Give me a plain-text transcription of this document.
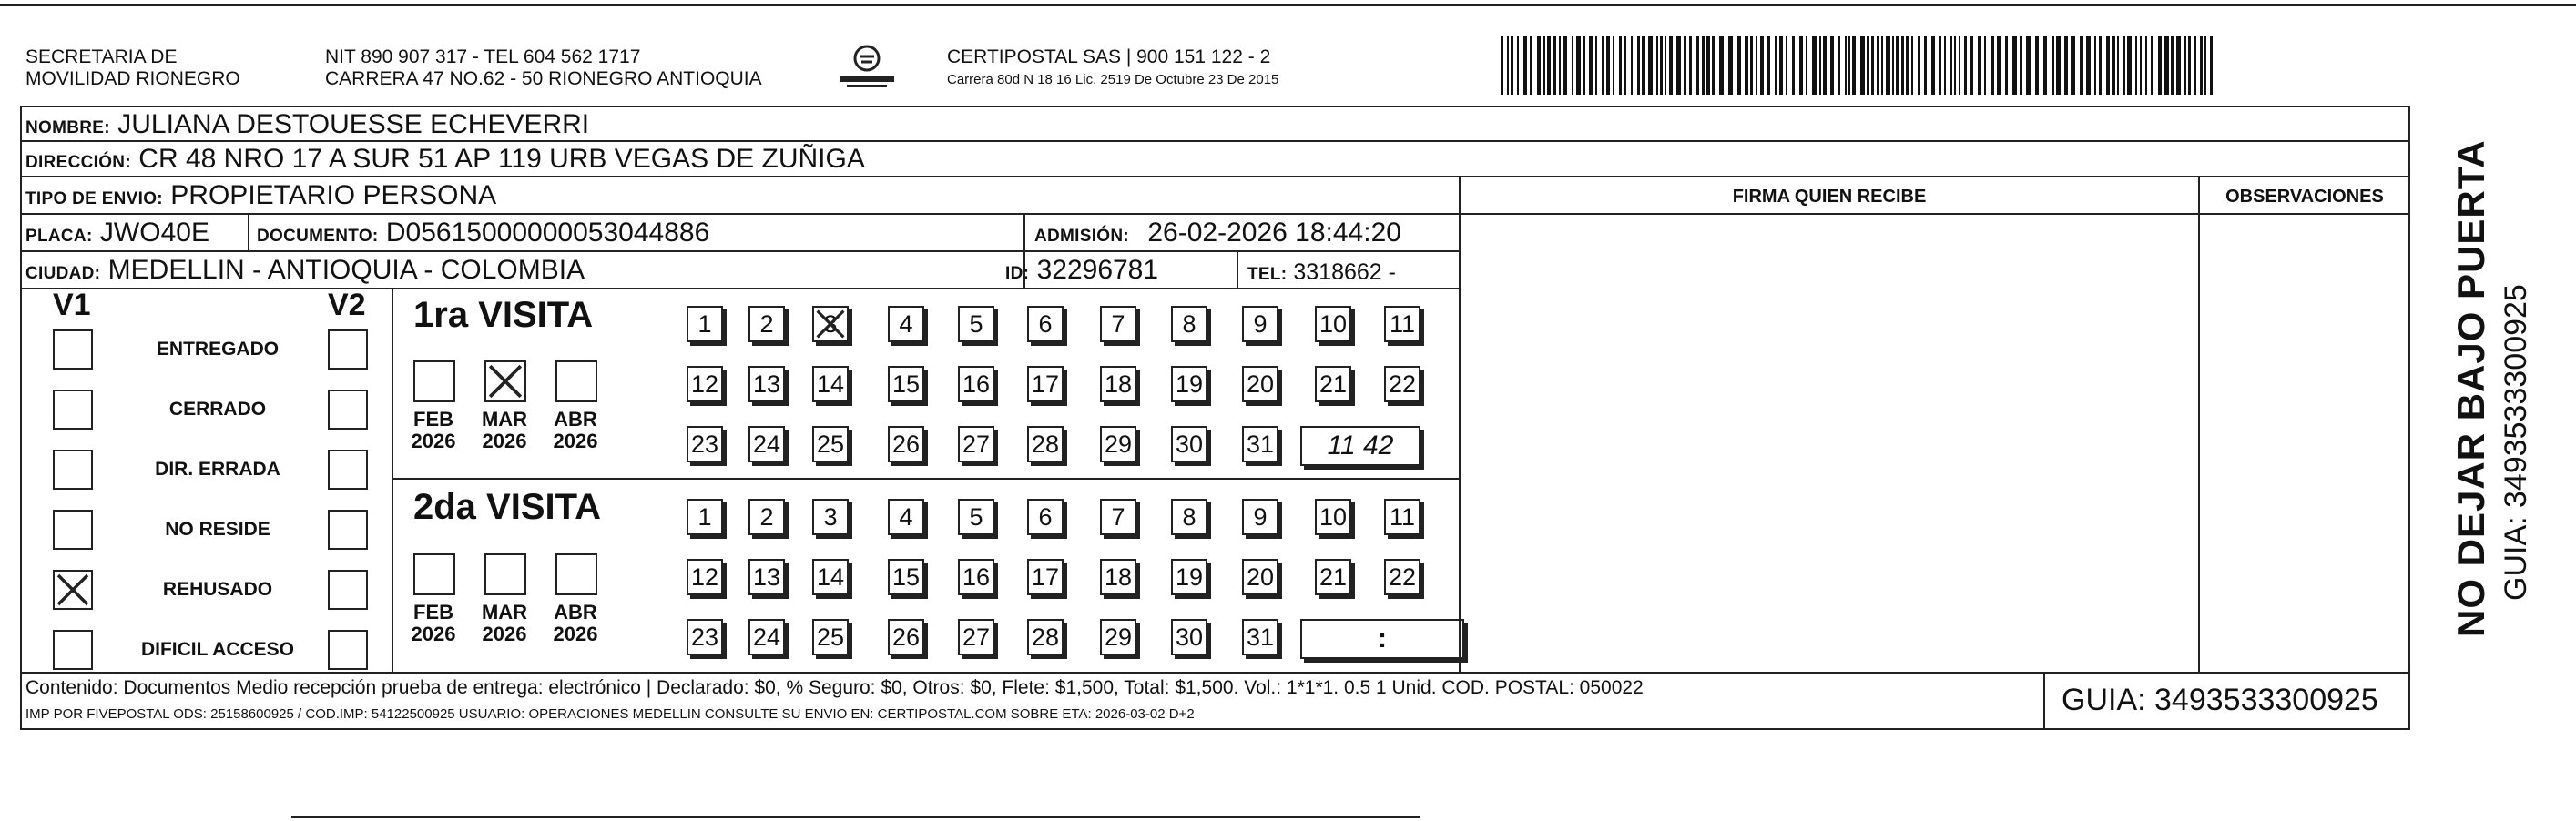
SECRETARIA DE
MOVILIDAD RIONEGRO
NIT 890 907 317 - TEL 604 562 1717
CARRERA 47 NO.62 - 50 RIONEGRO ANTIOQUIA
CERTIPOSTAL SAS | 900 151 122 - 2
Carrera 80d N 18 16 Lic. 2519 De Octubre 23 De 2015
NOMBRE: JULIANA DESTOUESSE ECHEVERRI
DIRECCIÓN: CR 48 NRO 17 A SUR 51 AP 119 URB VEGAS DE ZUÑIGA
TIPO DE ENVIO: PROPIETARIO PERSONA	FIRMA QUIEN RECIBE	OBSERVACIONES
PLACA: JWO40E	DOCUMENTO: D05615000000053044886	ADMISIÓN: 26-02-2026 18:44:20
CIUDAD: MEDELLIN - ANTIOQUIA - COLOMBIA	ID: 32296781	TEL: 3318662 -
V1	V2
ENTREGADO
CERRADO
DIR. ERRADA
NO RESIDE
REHUSADO
DIFICIL ACCESO
1ra VISITA
2da VISITA
FEB
2026
MAR
2026
ABR
2026
FEB
2026
MAR
2026
ABR
2026
1	2	3	4	5	6	7	8	9	10 11
12 13 14 15 16 17 18 19 20 21 22
23 24 25 26 27 28 29 30 31
1	2	3	4	5	6	7	8	9	10 11
12 13 14 15 16 17 18 19 20 21 22
23 24 25 26 27 28 29 30 31
11 42
:
Contenido: Documentos Medio recepción prueba de entrega: electrónico | Declarado: $0, % Seguro: $0, Otros: $0, Flete: $1,500, Total: $1,500. Vol.: 1*1*1. 0.5 1 Unid. COD. POSTAL: 050022
IMP POR FIVEPOSTAL ODS: 25158600925 / COD.IMP: 54122500925 USUARIO: OPERACIONES MEDELLIN CONSULTE SU ENVIO EN: CERTIPOSTAL.COM SOBRE ETA: 2026-03-02 D+2	GUIA: 3493533300925
NO DEJAR BAJO PUERTA GUIA: 3493533300925
